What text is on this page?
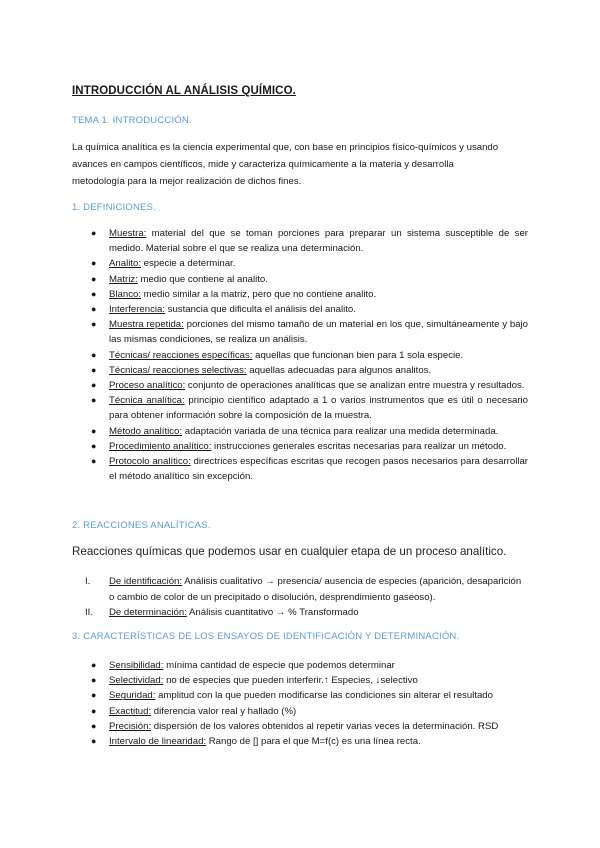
INTRODUCCIÓN AL ANÁLISIS QUÍMICO.
TEMA 1. INTRODUCCIÓN.
La química analítica es la ciencia experimental que, con base en principios físico-químicos y usando
avances en campos científicos, mide y caracteriza químicamente a la materia y desarrolla
metodología para la mejor realización de dichos fines.
1. DEFINICIONES.
● Muestra: material del que se toman porciones para preparar un sistema susceptible de ser medido. Material sobre el que se realiza una determinación.
● Analito: especie a determinar.
● Matriz: medio que contiene al analito.
● Blanco: medio similar a la matriz, pero que no contiene analito.
● Interferencia: sustancia que dificulta el análisis del analito.
● Muestra repetida: porciones del mismo tamaño de un material en los que, simultáneamente y bajo las mismas condiciones, se realiza un análisis.
● Técnicas/ reacciones específicas: aquellas que funcionan bien para 1 sola especie.
● Técnicas/ reacciones selectivas: aquellas adecuadas para algunos analitos.
● Proceso analítico: conjunto de operaciones analíticas que se analizan entre muestra y resultados.
● Técnica analítica: principio científico adaptado a 1 o varios instrumentos que es útil o necesario para obtener información sobre la composición de la muestra.
● Método analítico: adaptación variada de una técnica para realizar una medida determinada.
● Procedimiento analítico: instrucciones generales escritas necesarias para realizar un método.
● Protocolo analítico: directrices específicas escritas que recogen pasos necesarios para desarrollar el método analítico sin excepción.
2. REACCIONES ANALÍTICAS.
Reacciones químicas que podemos usar en cualquier etapa de un proceso analítico.
I. De identificación: Análisis cualitativo → presencia/ ausencia de especies (aparición, desaparición o cambio de color de un precipitado o disolución, desprendimiento gaseoso).
II. De determinación: Análisis cuantitativo → % Transformado
3. CARACTERÍSTICAS DE LOS ENSAYOS DE IDENTIFICACIÓN Y DETERMINACIÓN.
● Sensibilidad: mínima cantidad de especie que podemos determinar
● Selectividad: no de especies que pueden interferir.↑ Especies, ↓selectivo
● Seguridad: amplitud con la que pueden modificarse las condiciones sin alterar el resultado
● Exactitud: diferencia valor real y hallado (%)
● Precisión: dispersión de los valores obtenidos al repetir varias veces la determinación. RSD
● Intervalo de linearidad: Rango de [] para el que M=f(c) es una línea recta.
